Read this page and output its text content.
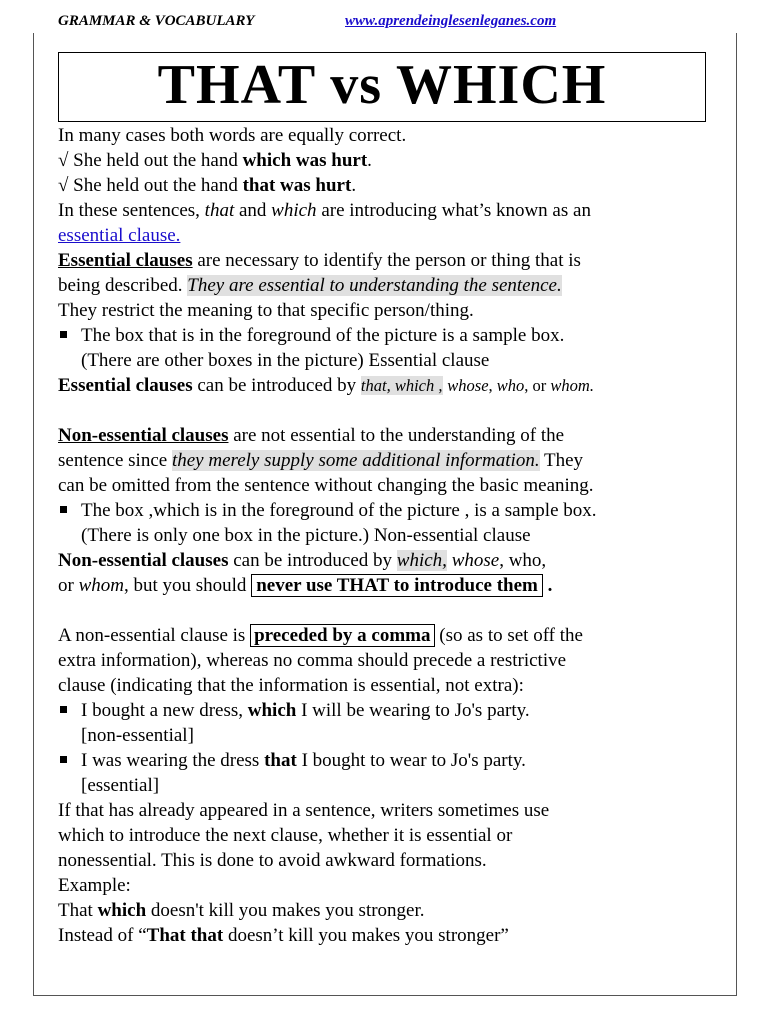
GRAMMAR & VOCABULARY	www.aprendeinglesenleganes.com
THAT vs WHICH
In many cases both words are equally correct.
√ She held out the hand which was hurt.
√ She held out the hand that was hurt.
In these sentences, that and which are introducing what’s known as an
essential clause.
Essential clauses are necessary to identify the person or thing that is
being described. They are essential to understanding the sentence.
They restrict the meaning to that specific person/thing.
The box that is in the foreground of the picture is a sample box.
(There are other boxes in the picture) Essential clause
Essential clauses can be introduced by that, which , whose, who, or whom.
Non-essential clauses are not essential to the understanding of the
sentence since they merely supply some additional information. They
can be omitted from the sentence without changing the basic meaning.
The box ,which is in the foreground of the picture , is a sample box.
(There is only one box in the picture.) Non-essential clause
Non-essential clauses can be introduced by which, whose, who,
or whom, but you should never use THAT to introduce them .
A non-essential clause is preceded by a comma (so as to set off the
extra information), whereas no comma should precede a restrictive
clause (indicating that the information is essential, not extra):
I bought a new dress, which I will be wearing to Jo's party.
[non-essential]
I was wearing the dress that I bought to wear to Jo's party.
[essential]
If that has already appeared in a sentence, writers sometimes use
which to introduce the next clause, whether it is essential or
nonessential. This is done to avoid awkward formations.
Example:
That which doesn't kill you makes you stronger.
Instead of “That that doesn’t kill you makes you stronger”
